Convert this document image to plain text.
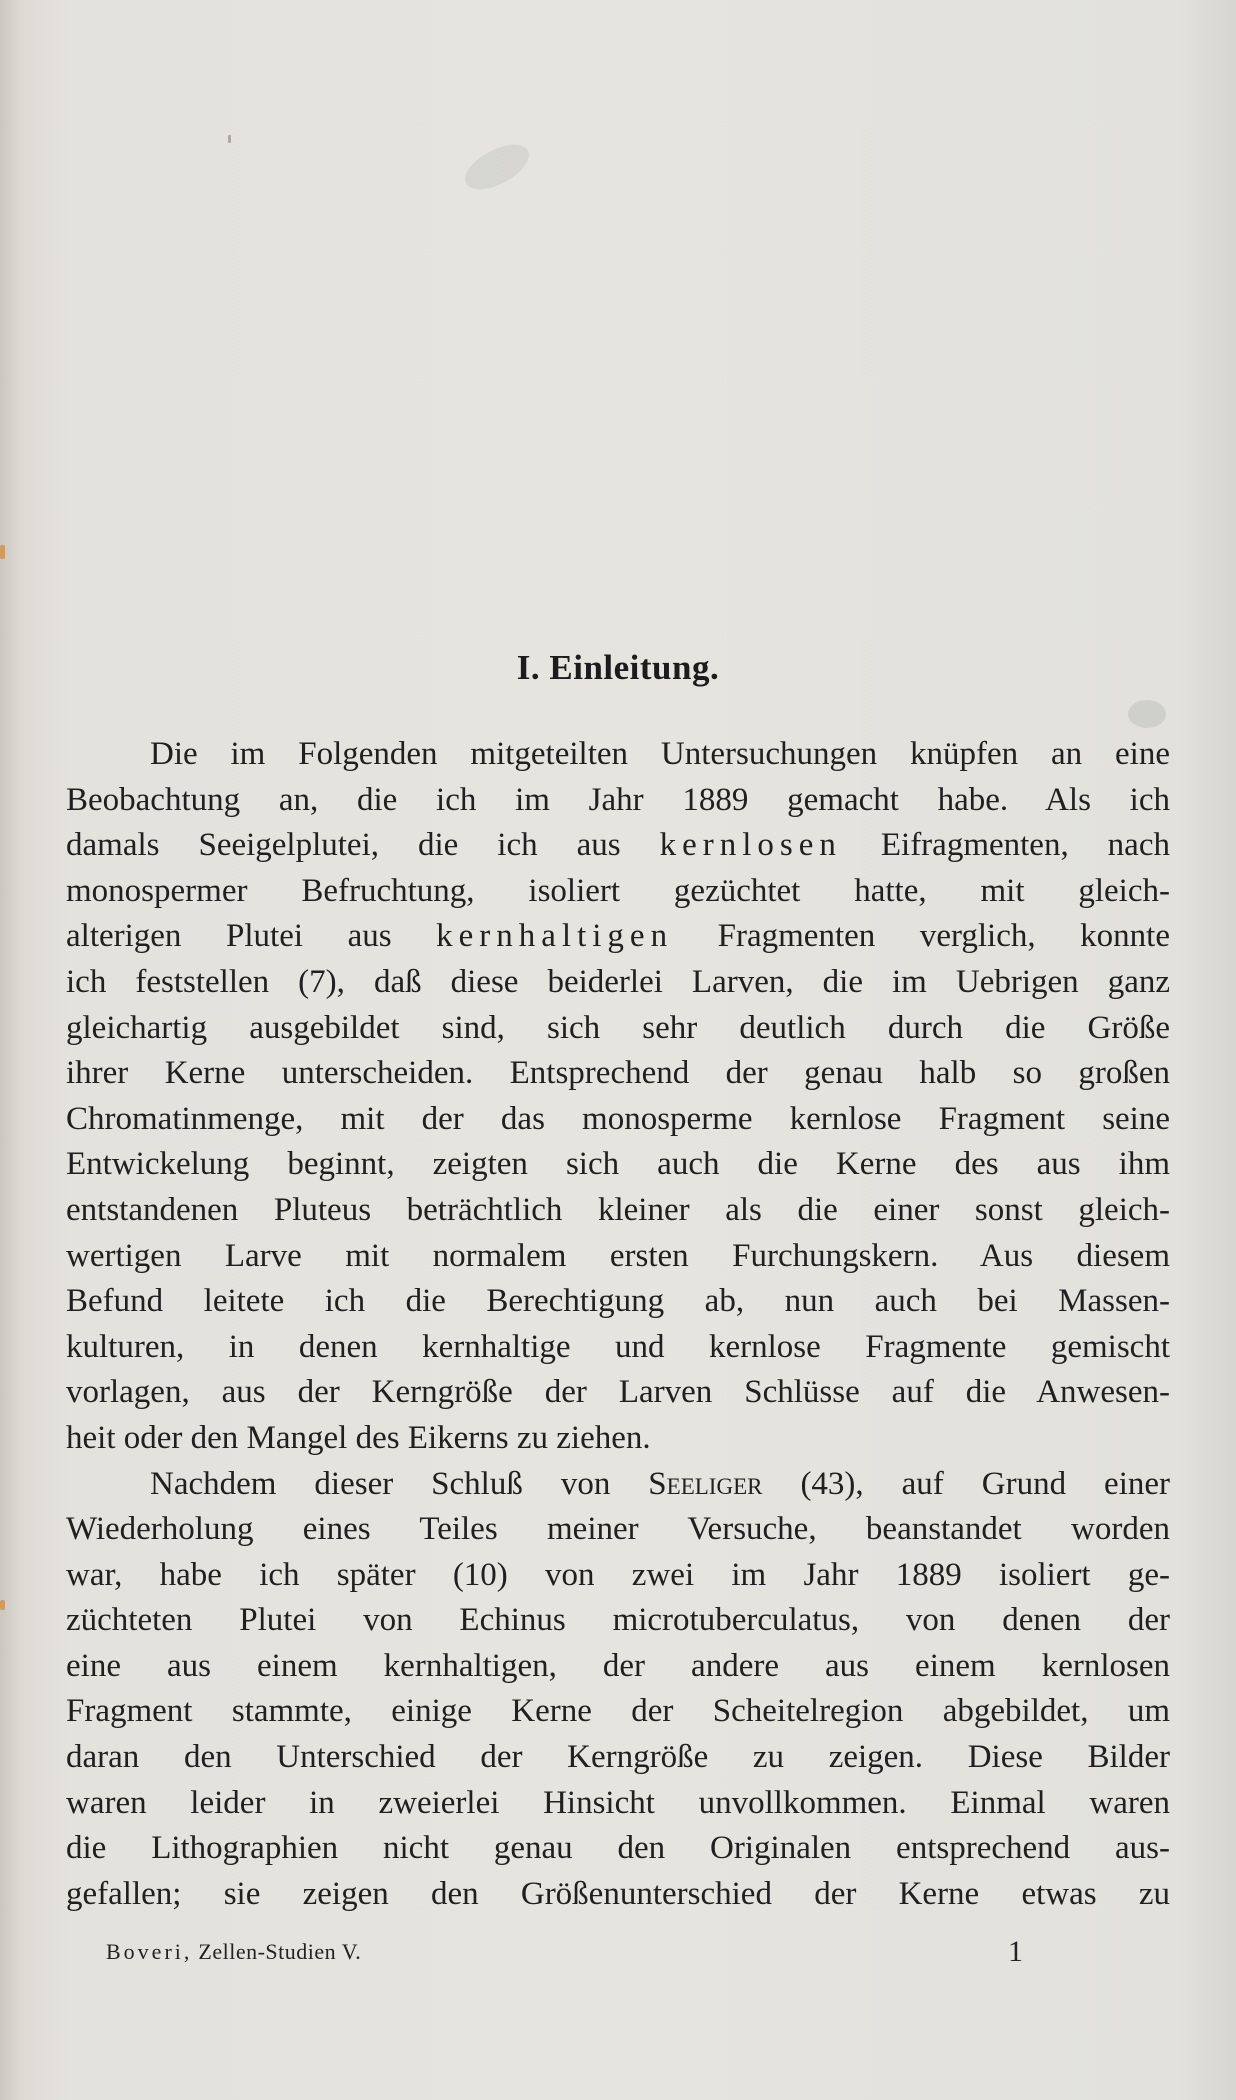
I. Einleitung.
Die im Folgenden mitgeteilten Untersuchungen knüpfen an eine
Beobachtung an, die ich im Jahr 1889 gemacht habe. Als ich
damals Seeigelplutei, die ich aus kernlosen Eifragmenten, nach
monospermer Befruchtung, isoliert gezüchtet hatte, mit gleich-
alterigen Plutei aus kernhaltigen Fragmenten verglich, konnte
ich feststellen (7), daß diese beiderlei Larven, die im Uebrigen ganz
gleichartig ausgebildet sind, sich sehr deutlich durch die Größe
ihrer Kerne unterscheiden. Entsprechend der genau halb so großen
Chromatinmenge, mit der das monosperme kernlose Fragment seine
Entwickelung beginnt, zeigten sich auch die Kerne des aus ihm
entstandenen Pluteus beträchtlich kleiner als die einer sonst gleich-
wertigen Larve mit normalem ersten Furchungskern. Aus diesem
Befund leitete ich die Berechtigung ab, nun auch bei Massen-
kulturen, in denen kernhaltige und kernlose Fragmente gemischt
vorlagen, aus der Kerngröße der Larven Schlüsse auf die Anwesen-
heit oder den Mangel des Eikerns zu ziehen.
Nachdem dieser Schluß von Seeliger (43), auf Grund einer
Wiederholung eines Teiles meiner Versuche, beanstandet worden
war, habe ich später (10) von zwei im Jahr 1889 isoliert ge-
züchteten Plutei von Echinus microtuberculatus, von denen der
eine aus einem kernhaltigen, der andere aus einem kernlosen
Fragment stammte, einige Kerne der Scheitelregion abgebildet, um
daran den Unterschied der Kerngröße zu zeigen. Diese Bilder
waren leider in zweierlei Hinsicht unvollkommen. Einmal waren
die Lithographien nicht genau den Originalen entsprechend aus-
gefallen; sie zeigen den Größenunterschied der Kerne etwas zu
Boveri, Zellen-Studien V.	1
